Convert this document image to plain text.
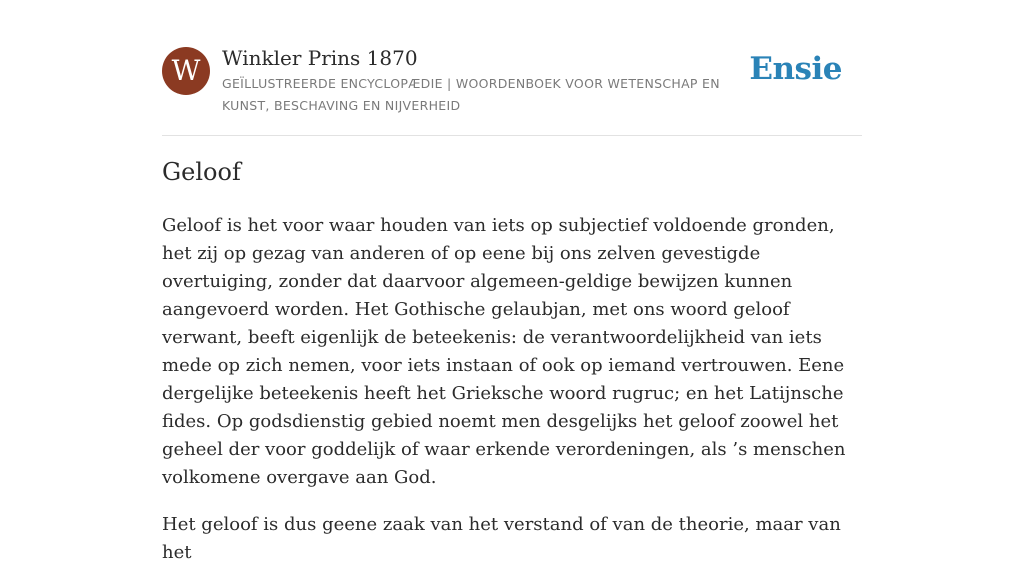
W	Winkler Prins 1870
GEÏLLUSTREERDE ENCYCLOPÆDIE | WOORDENBOEK VOOR WETENSCHAP EN KUNST, BESCHAVING EN NIJVERHEID
Ensie
Geloof

Geloof is het voor waar houden van iets op subjectief voldoende gronden, het zij op gezag van anderen of op eene bij ons zelven gevestigde overtuiging, zonder dat daarvoor algemeen-geldige bewijzen kunnen aangevoerd worden. Het Gothische gelaubjan, met ons woord geloof verwant, beeft eigenlijk de beteekenis: de verantwoordelijkheid van iets mede op zich nemen, voor iets instaan of ook op iemand vertrouwen. Eene dergelijke beteekenis heeft het Grieksche woord rugruc; en het Latijnsche fides. Op godsdienstig gebied noemt men desgelijks het geloof zoowel het geheel der voor goddelijk of waar erkende verordeningen, als ’s menschen volkomene overgave aan God.

Het geloof is dus geene zaak van het verstand of van de theorie, maar van het
